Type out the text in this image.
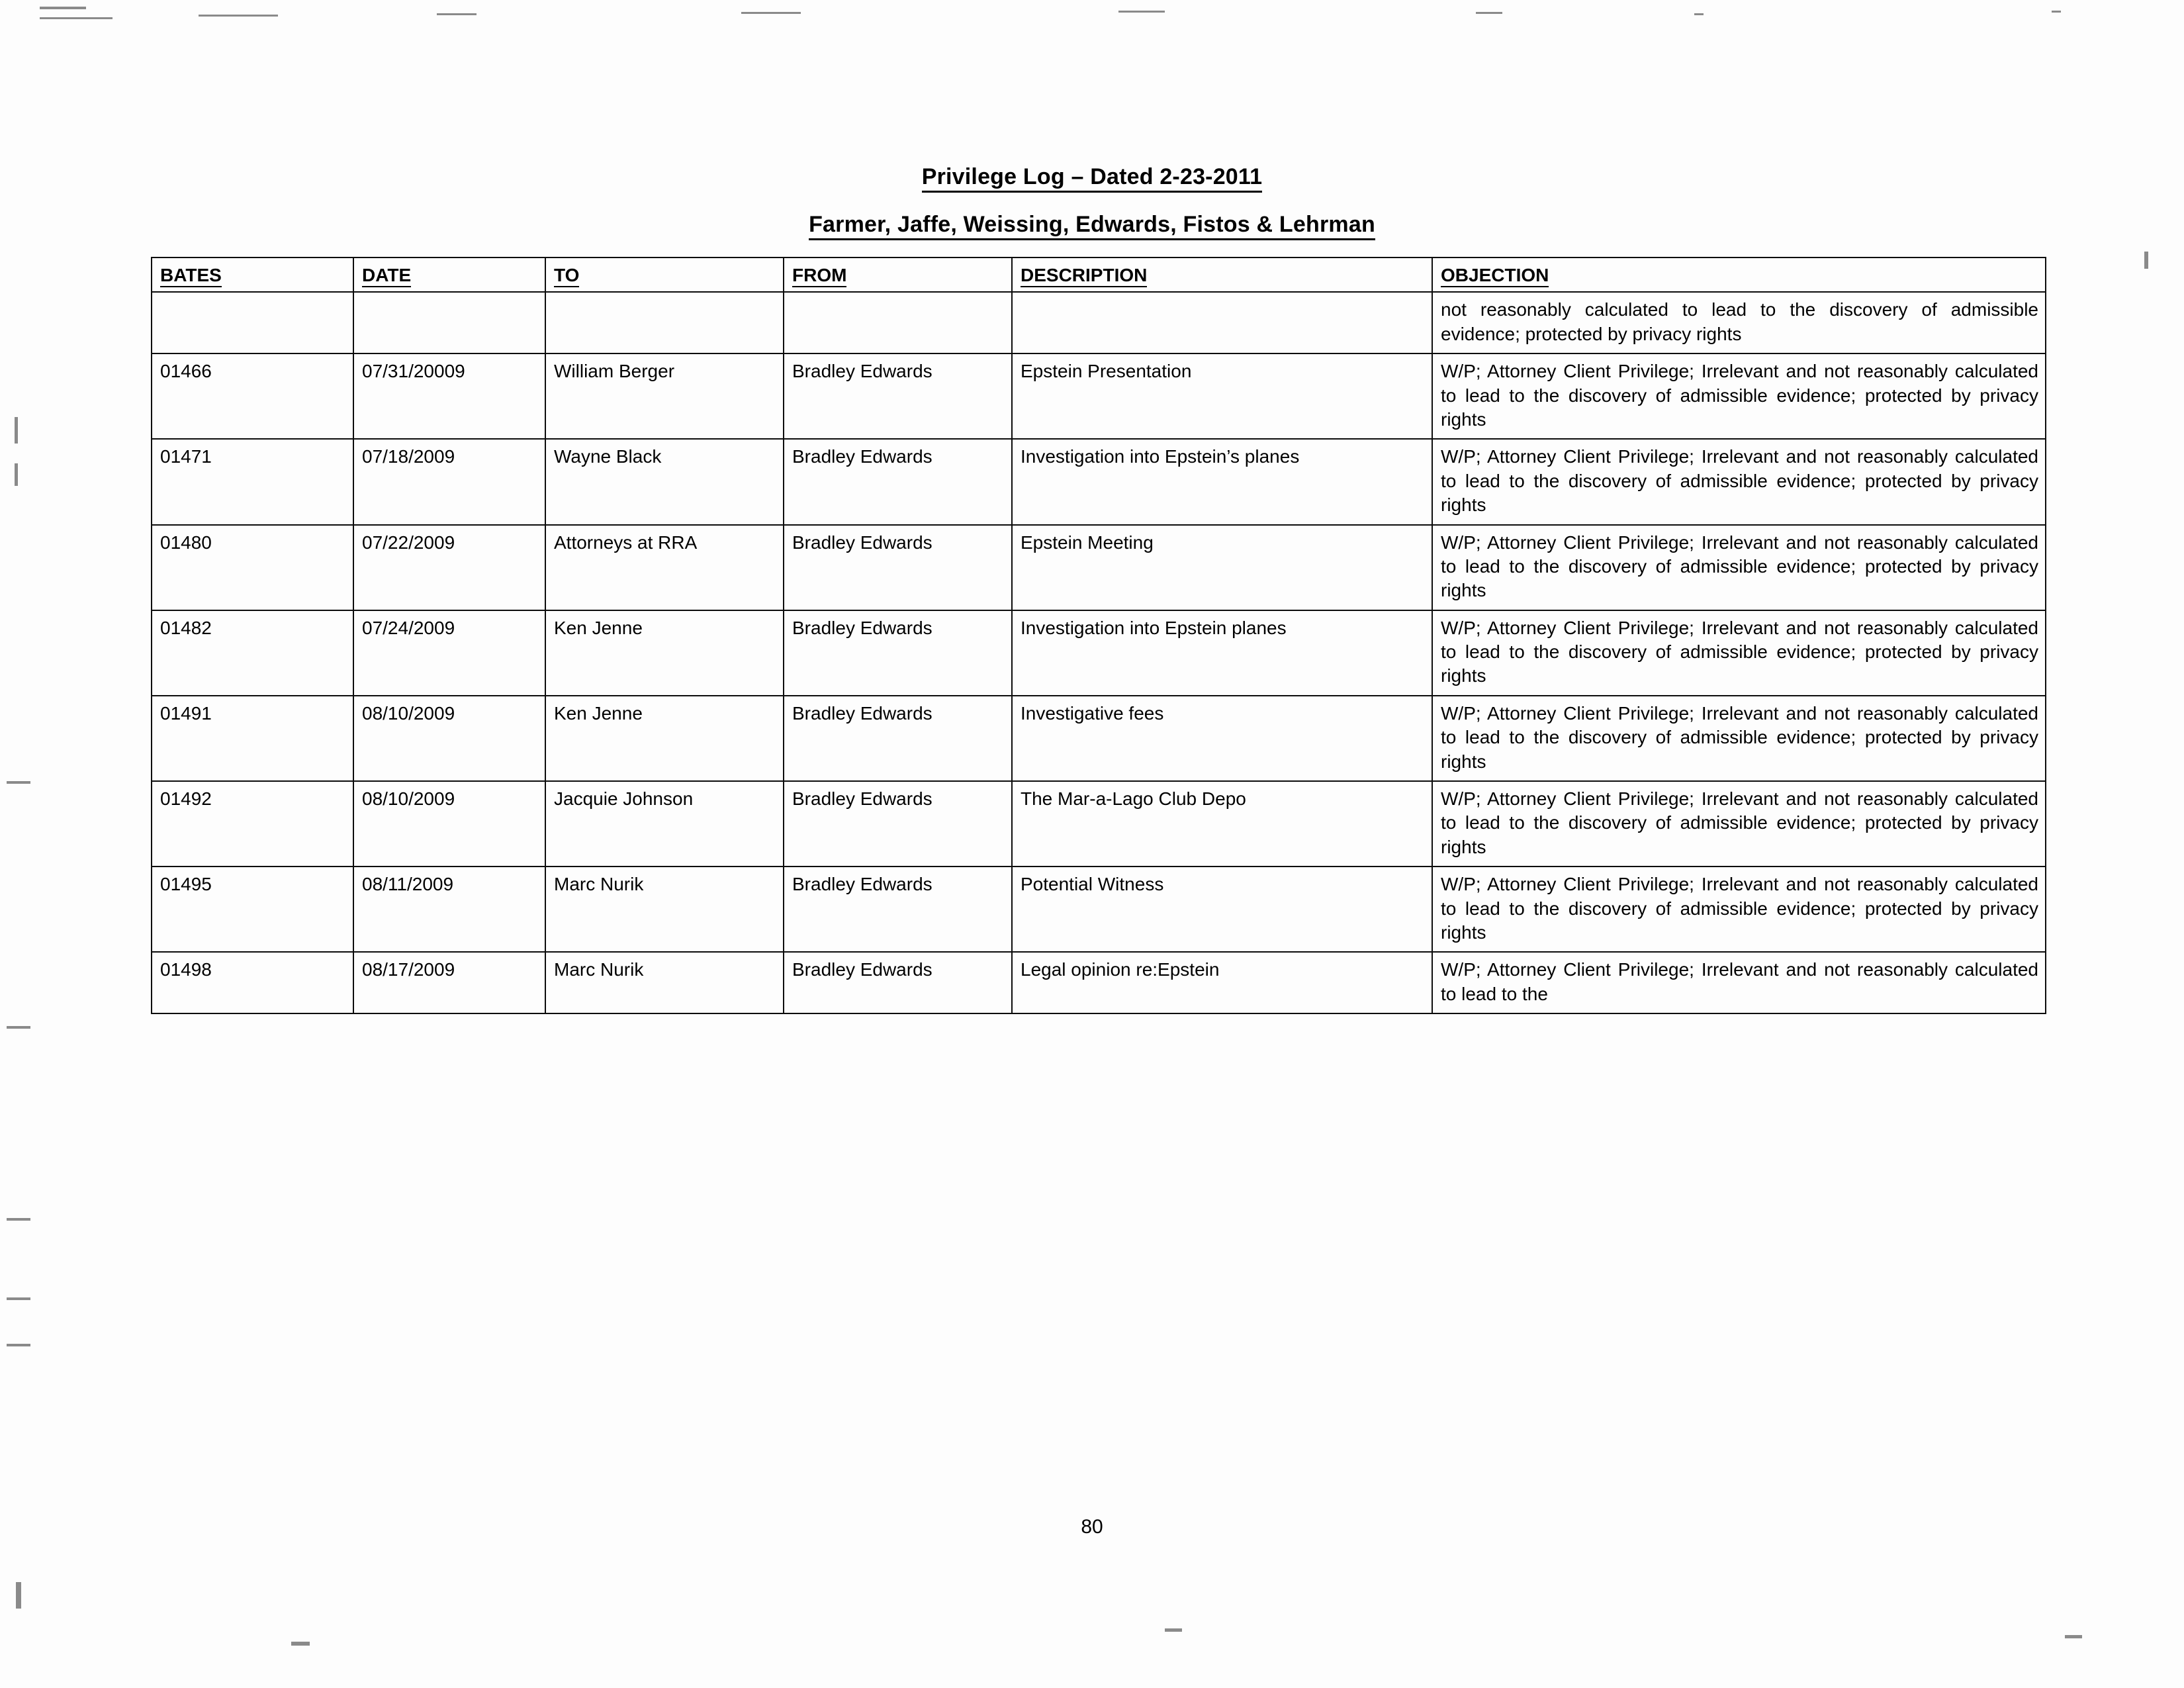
Privilege Log – Dated 2-23-2011
Farmer, Jaffe, Weissing, Edwards, Fistos & Lehrman
BATES	DATE	TO	FROM	DESCRIPTION	OBJECTION
					not reasonably calculated to lead to the discovery of admissible evidence; protected by privacy rights
01466	07/31/20009	William Berger	Bradley Edwards	Epstein Presentation	W/P; Attorney Client Privilege; Irrelevant and not reasonably calculated to lead to the discovery of admissible evidence; protected by privacy rights
01471	07/18/2009	Wayne Black	Bradley Edwards	Investigation into Epstein’s planes	W/P; Attorney Client Privilege; Irrelevant and not reasonably calculated to lead to the discovery of admissible evidence; protected by privacy rights
01480	07/22/2009	Attorneys at RRA	Bradley Edwards	Epstein Meeting	W/P; Attorney Client Privilege; Irrelevant and not reasonably calculated to lead to the discovery of admissible evidence; protected by privacy rights
01482	07/24/2009	Ken Jenne	Bradley Edwards	Investigation into Epstein planes	W/P; Attorney Client Privilege; Irrelevant and not reasonably calculated to lead to the discovery of admissible evidence; protected by privacy rights
01491	08/10/2009	Ken Jenne	Bradley Edwards	Investigative fees	W/P; Attorney Client Privilege; Irrelevant and not reasonably calculated to lead to the discovery of admissible evidence; protected by privacy rights
01492	08/10/2009	Jacquie Johnson	Bradley Edwards	The Mar-a-Lago Club Depo	W/P; Attorney Client Privilege; Irrelevant and not reasonably calculated to lead to the discovery of admissible evidence; protected by privacy rights
01495	08/11/2009	Marc Nurik	Bradley Edwards	Potential Witness	W/P; Attorney Client Privilege; Irrelevant and not reasonably calculated to lead to the discovery of admissible evidence; protected by privacy rights
01498	08/17/2009	Marc Nurik	Bradley Edwards	Legal opinion re:Epstein	W/P; Attorney Client Privilege; Irrelevant and not reasonably calculated to lead to the
80
